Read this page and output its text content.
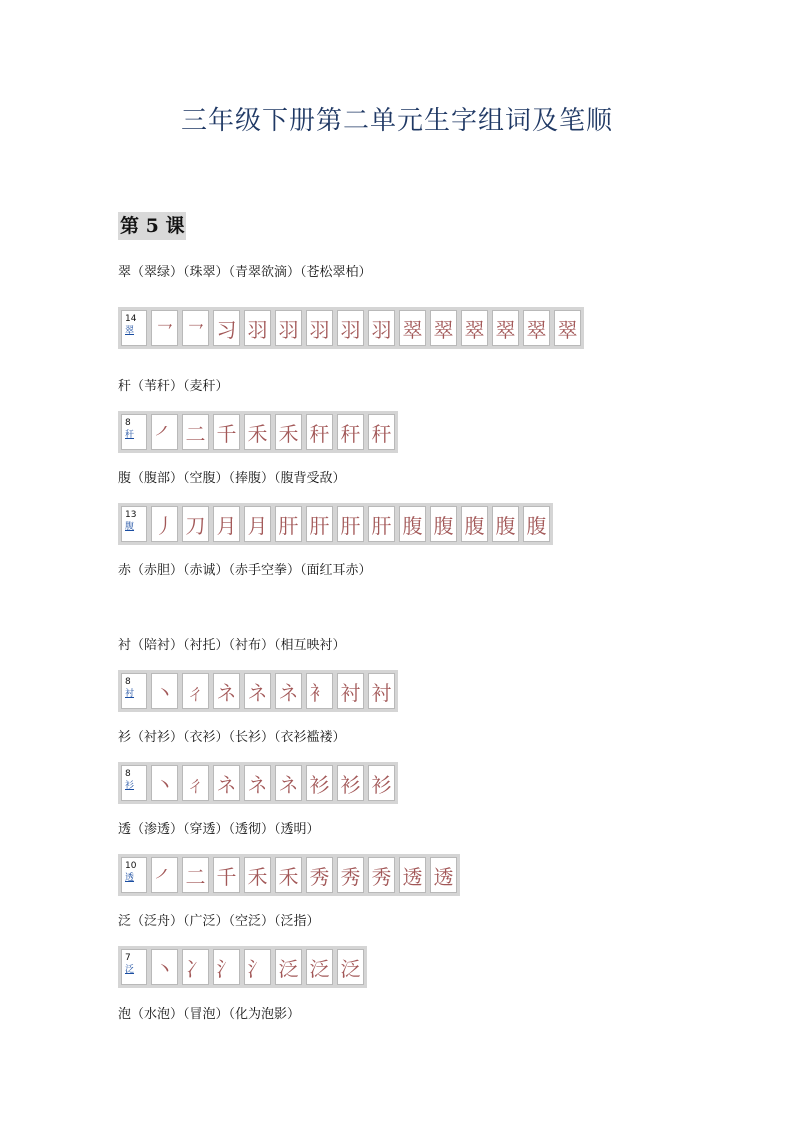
三年级下册第二单元生字组词及笔顺
第 5 课
翠（翠绿）（珠翠）（青翠欲滴）（苍松翠柏）
14
翠 ㇖ ㇖ 习 羽 羽 羽 羽 羽 翠 翠 翠 翠 翠 翠
秆（苇秆）（麦秆）
8
秆 ㇒ 二 千 禾 禾 秆 秆 秆
腹（腹部）（空腹）（捧腹）（腹背受敌）
13
腹 丿 刀 月 月 肝 肝 肝 肝 腹 腹 腹 腹 腹
赤（赤胆）（赤诚）（赤手空拳）（面红耳赤）
衬（陪衬）（衬托）（衬布）（相互映衬）
8
衬 丶 ㄔ ネ ネ ネ 衤 衬 衬
衫（衬衫）（衣衫）（长衫）（衣衫褴褛）
8
衫 丶 ㄔ ネ ネ ネ 衫 衫 衫
透（渗透）（穿透）（透彻）（透明）
10
透 ㇒ 二 千 禾 禾 秀 秀 秀 透 透
泛（泛舟）（广泛）（空泛）（泛指）
7
泛 丶 冫 氵 氵 泛 泛 泛
泡（水泡）（冒泡）（化为泡影）
